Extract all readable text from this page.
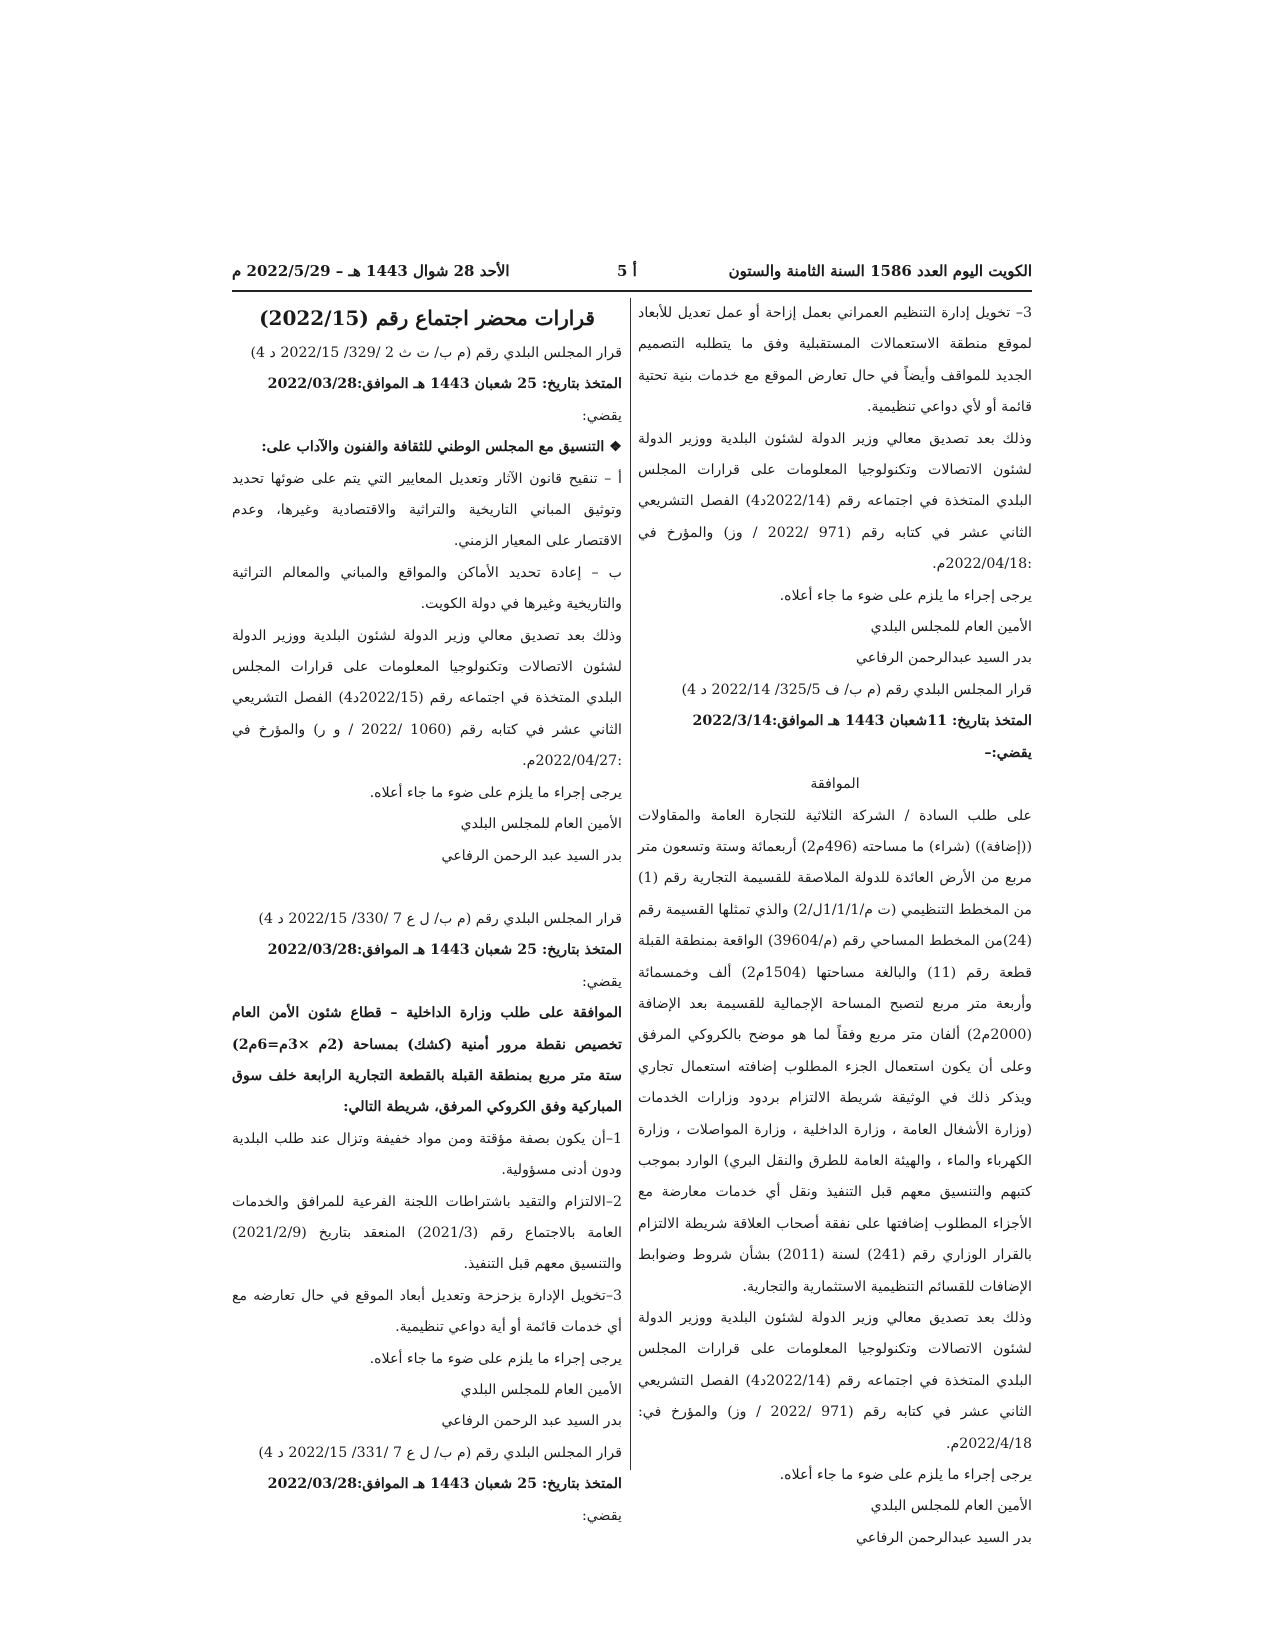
الكويت اليوم العدد 1586 السنة الثامنة والستون
أ 5
الأحد 28 شوال 1443 هـ – 2022/5/29 م

3– تخويل إدارة التنظيم العمراني بعمل إزاحة أو عمل تعديل للأبعاد لموقع منطقة الاستعمالات المستقبلية وفق ما يتطلبه التصميم الجديد للمواقف وأيضاً في حال تعارض الموقع مع خدمات بنية تحتية قائمة أو لأي دواعي تنظيمية.

وذلك بعد تصديق معالي وزير الدولة لشئون البلدية ووزير الدولة لشئون الاتصالات وتكنولوجيا المعلومات على قرارات المجلس البلدي المتخذة في اجتماعه رقم (2022/14د4) الفصل التشريعي الثاني عشر في كتابه رقم (971 /2022 / وز) والمؤرخ في :2022/04/18م.

يرجى إجراء ما يلزم على ضوء ما جاء أعلاه.

الأمين العام للمجلس البلدي

بدر السيد عبدالرحمن الرفاعي

قرار المجلس البلدي رقم (م ب/ ف 325/5/ 2022/14 د 4)

المتخذ بتاريخ: 11شعبان 1443 هـ الموافق:2022/3/14

يقضي:–

الموافقة

على طلب السادة / الشركة الثلاثية للتجارة العامة والمقاولات ((إضافة)) (شراء) ما مساحته (496م2) أربعمائة وستة وتسعون متر مربع من الأرض العائدة للدولة الملاصقة للقسيمة التجارية رقم (1) من المخطط التنظيمي (ت م/1/1/1ل/2) والذي تمثلها القسيمة رقم (24)من المخطط المساحي رقم (م/39604) الواقعة بمنطقة القبلة قطعة رقم (11) والبالغة مساحتها (1504م2) ألف وخمسمائة وأربعة متر مربع لتصبح المساحة الإجمالية للقسيمة بعد الإضافة (2000م2) ألفان متر مربع وفقاً لما هو موضح بالكروكي المرفق وعلى أن يكون استعمال الجزء المطلوب إضافته استعمال تجاري ويذكر ذلك في الوثيقة شريطة الالتزام بردود وزارات الخدمات (وزارة الأشغال العامة ، وزارة الداخلية ، وزارة المواصلات ، وزارة الكهرباء والماء ، والهيئة العامة للطرق والنقل البري) الوارد بموجب كتبهم والتنسيق معهم قبل التنفيذ ونقل أي خدمات معارضة مع الأجزاء المطلوب إضافتها على نفقة أصحاب العلاقة شريطة الالتزام بالقرار الوزاري رقم (241) لسنة (2011) بشأن شروط وضوابط الإضافات للقسائم التنظيمية الاستثمارية والتجارية.

وذلك بعد تصديق معالي وزير الدولة لشئون البلدية ووزير الدولة لشئون الاتصالات وتكنولوجيا المعلومات على قرارات المجلس البلدي المتخذة في اجتماعه رقم (2022/14د4) الفصل التشريعي الثاني عشر في كتابه رقم (971 /2022 / وز) والمؤرخ في: 2022/4/18م.

يرجى إجراء ما يلزم على ضوء ما جاء أعلاه.

الأمين العام للمجلس البلدي

بدر السيد عبدالرحمن الرفاعي

قرارات محضر اجتماع رقم (2022/15)

قرار المجلس البلدي رقم (م ب/ ت ث 2 /329/ 2022/15 د 4)

المتخذ بتاريخ: 25 شعبان 1443 هـ الموافق:2022/03/28

يقضي:

❖ التنسيق مع المجلس الوطني للثقافة والفنون والآداب على:

أ – تنقيح قانون الآثار وتعديل المعايير التي يتم على ضوئها تحديد وتوثيق المباني التاريخية والتراثية والاقتصادية وغيرها، وعدم الاقتصار على المعيار الزمني.

ب – إعادة تحديد الأماكن والمواقع والمباني والمعالم التراثية والتاريخية وغيرها في دولة الكويت.

وذلك بعد تصديق معالي وزير الدولة لشئون البلدية ووزير الدولة لشئون الاتصالات وتكنولوجيا المعلومات على قرارات المجلس البلدي المتخذة في اجتماعه رقم (2022/15د4) الفصل التشريعي الثاني عشر في كتابه رقم (1060 /2022 / و ر) والمؤرخ في :2022/04/27م.

يرجى إجراء ما يلزم على ضوء ما جاء أعلاه.

الأمين العام للمجلس البلدي

بدر السيد عبد الرحمن الرفاعي

قرار المجلس البلدي رقم (م ب/ ل ع 7 /330/ 2022/15 د 4)

المتخذ بتاريخ: 25 شعبان 1443 هـ الموافق:2022/03/28

يقضي:

الموافقة على طلب وزارة الداخلية – قطاع شئون الأمن العام تخصيص نقطة مرور أمنية (كشك) بمساحة (2م ×3م=6م2) ستة متر مربع بمنطقة القبلة بالقطعة التجارية الرابعة خلف سوق المباركية وفق الكروكي المرفق، شريطة التالي:

1–أن يكون بصفة مؤقتة ومن مواد خفيفة وتزال عند طلب البلدية ودون أدنى مسؤولية.

2–الالتزام والتقيد باشتراطات اللجنة الفرعية للمرافق والخدمات العامة بالاجتماع رقم (2021/3) المنعقد بتاريخ (2021/2/9) والتنسيق معهم قبل التنفيذ.

3–تخويل الإدارة بزحزحة وتعديل أبعاد الموقع في حال تعارضه مع أي خدمات قائمة أو أية دواعي تنظيمية.

يرجى إجراء ما يلزم على ضوء ما جاء أعلاه.

الأمين العام للمجلس البلدي

بدر السيد عبد الرحمن الرفاعي

قرار المجلس البلدي رقم (م ب/ ل ع 7 /331/ 2022/15 د 4)

المتخذ بتاريخ: 25 شعبان 1443 هـ الموافق:2022/03/28

يقضي:
